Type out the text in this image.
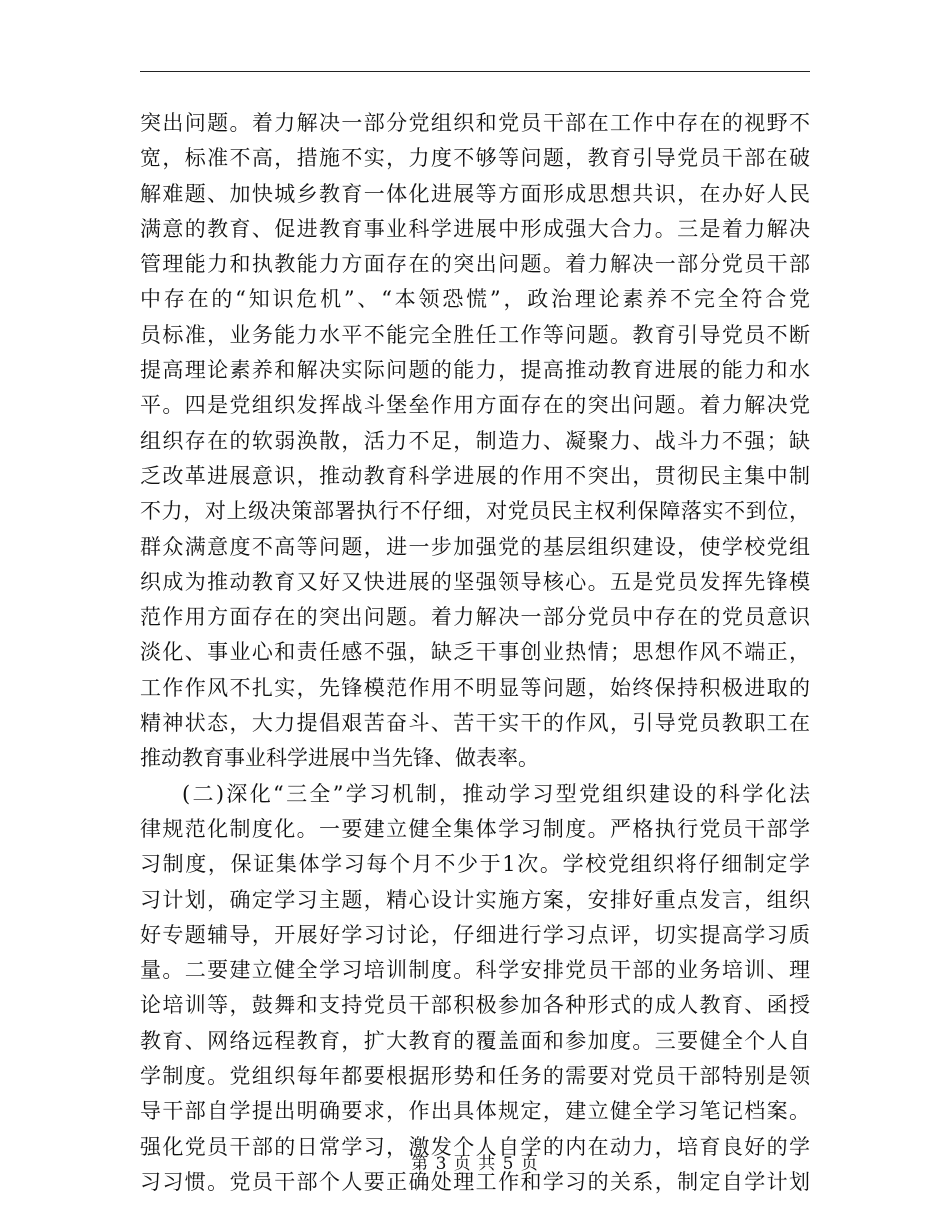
突出问题。着力解决一部分党组织和党员干部在工作中存在的视野不
宽，标准不高，措施不实，力度不够等问题，教育引导党员干部在破
解难题、加快城乡教育一体化进展等方面形成思想共识，在办好人民
满意的教育、促进教育事业科学进展中形成强大合力。三是着力解决
管理能力和执教能力方面存在的突出问题。着力解决一部分党员干部
中存在的“知识危机”、“本领恐慌”，政治理论素养不完全符合党
员标准，业务能力水平不能完全胜任工作等问题。教育引导党员不断
提高理论素养和解决实际问题的能力，提高推动教育进展的能力和水
平。四是党组织发挥战斗堡垒作用方面存在的突出问题。着力解决党
组织存在的软弱涣散，活力不足，制造力、凝聚力、战斗力不强；缺
乏改革进展意识，推动教育科学进展的作用不突出，贯彻民主集中制
不力，对上级决策部署执行不仔细，对党员民主权利保障落实不到位，
群众满意度不高等问题，进一步加强党的基层组织建设，使学校党组
织成为推动教育又好又快进展的坚强领导核心。五是党员发挥先锋模
范作用方面存在的突出问题。着力解决一部分党员中存在的党员意识
淡化、事业心和责任感不强，缺乏干事创业热情；思想作风不端正，
工作作风不扎实，先锋模范作用不明显等问题，始终保持积极进取的
精神状态，大力提倡艰苦奋斗、苦干实干的作风，引导党员教职工在
推动教育事业科学进展中当先锋、做表率。
(二)深化“三全”学习机制，推动学习型党组织建设的科学化法
律规范化制度化。一要建立健全集体学习制度。严格执行党员干部学
习制度，保证集体学习每个月不少于1次。学校党组织将仔细制定学
习计划，确定学习主题，精心设计实施方案，安排好重点发言，组织
好专题辅导，开展好学习讨论，仔细进行学习点评，切实提高学习质
量。二要建立健全学习培训制度。科学安排党员干部的业务培训、理
论培训等，鼓舞和支持党员干部积极参加各种形式的成人教育、函授
教育、网络远程教育，扩大教育的覆盖面和参加度。三要健全个人自
学制度。党组织每年都要根据形势和任务的需要对党员干部特别是领
导干部自学提出明确要求，作出具体规定，建立健全学习笔记档案。
强化党员干部的日常学习，激发个人自学的内在动力，培育良好的学
习习惯。党员干部个人要正确处理工作和学习的关系，制定自学计划
第 3 页 共 5 页
